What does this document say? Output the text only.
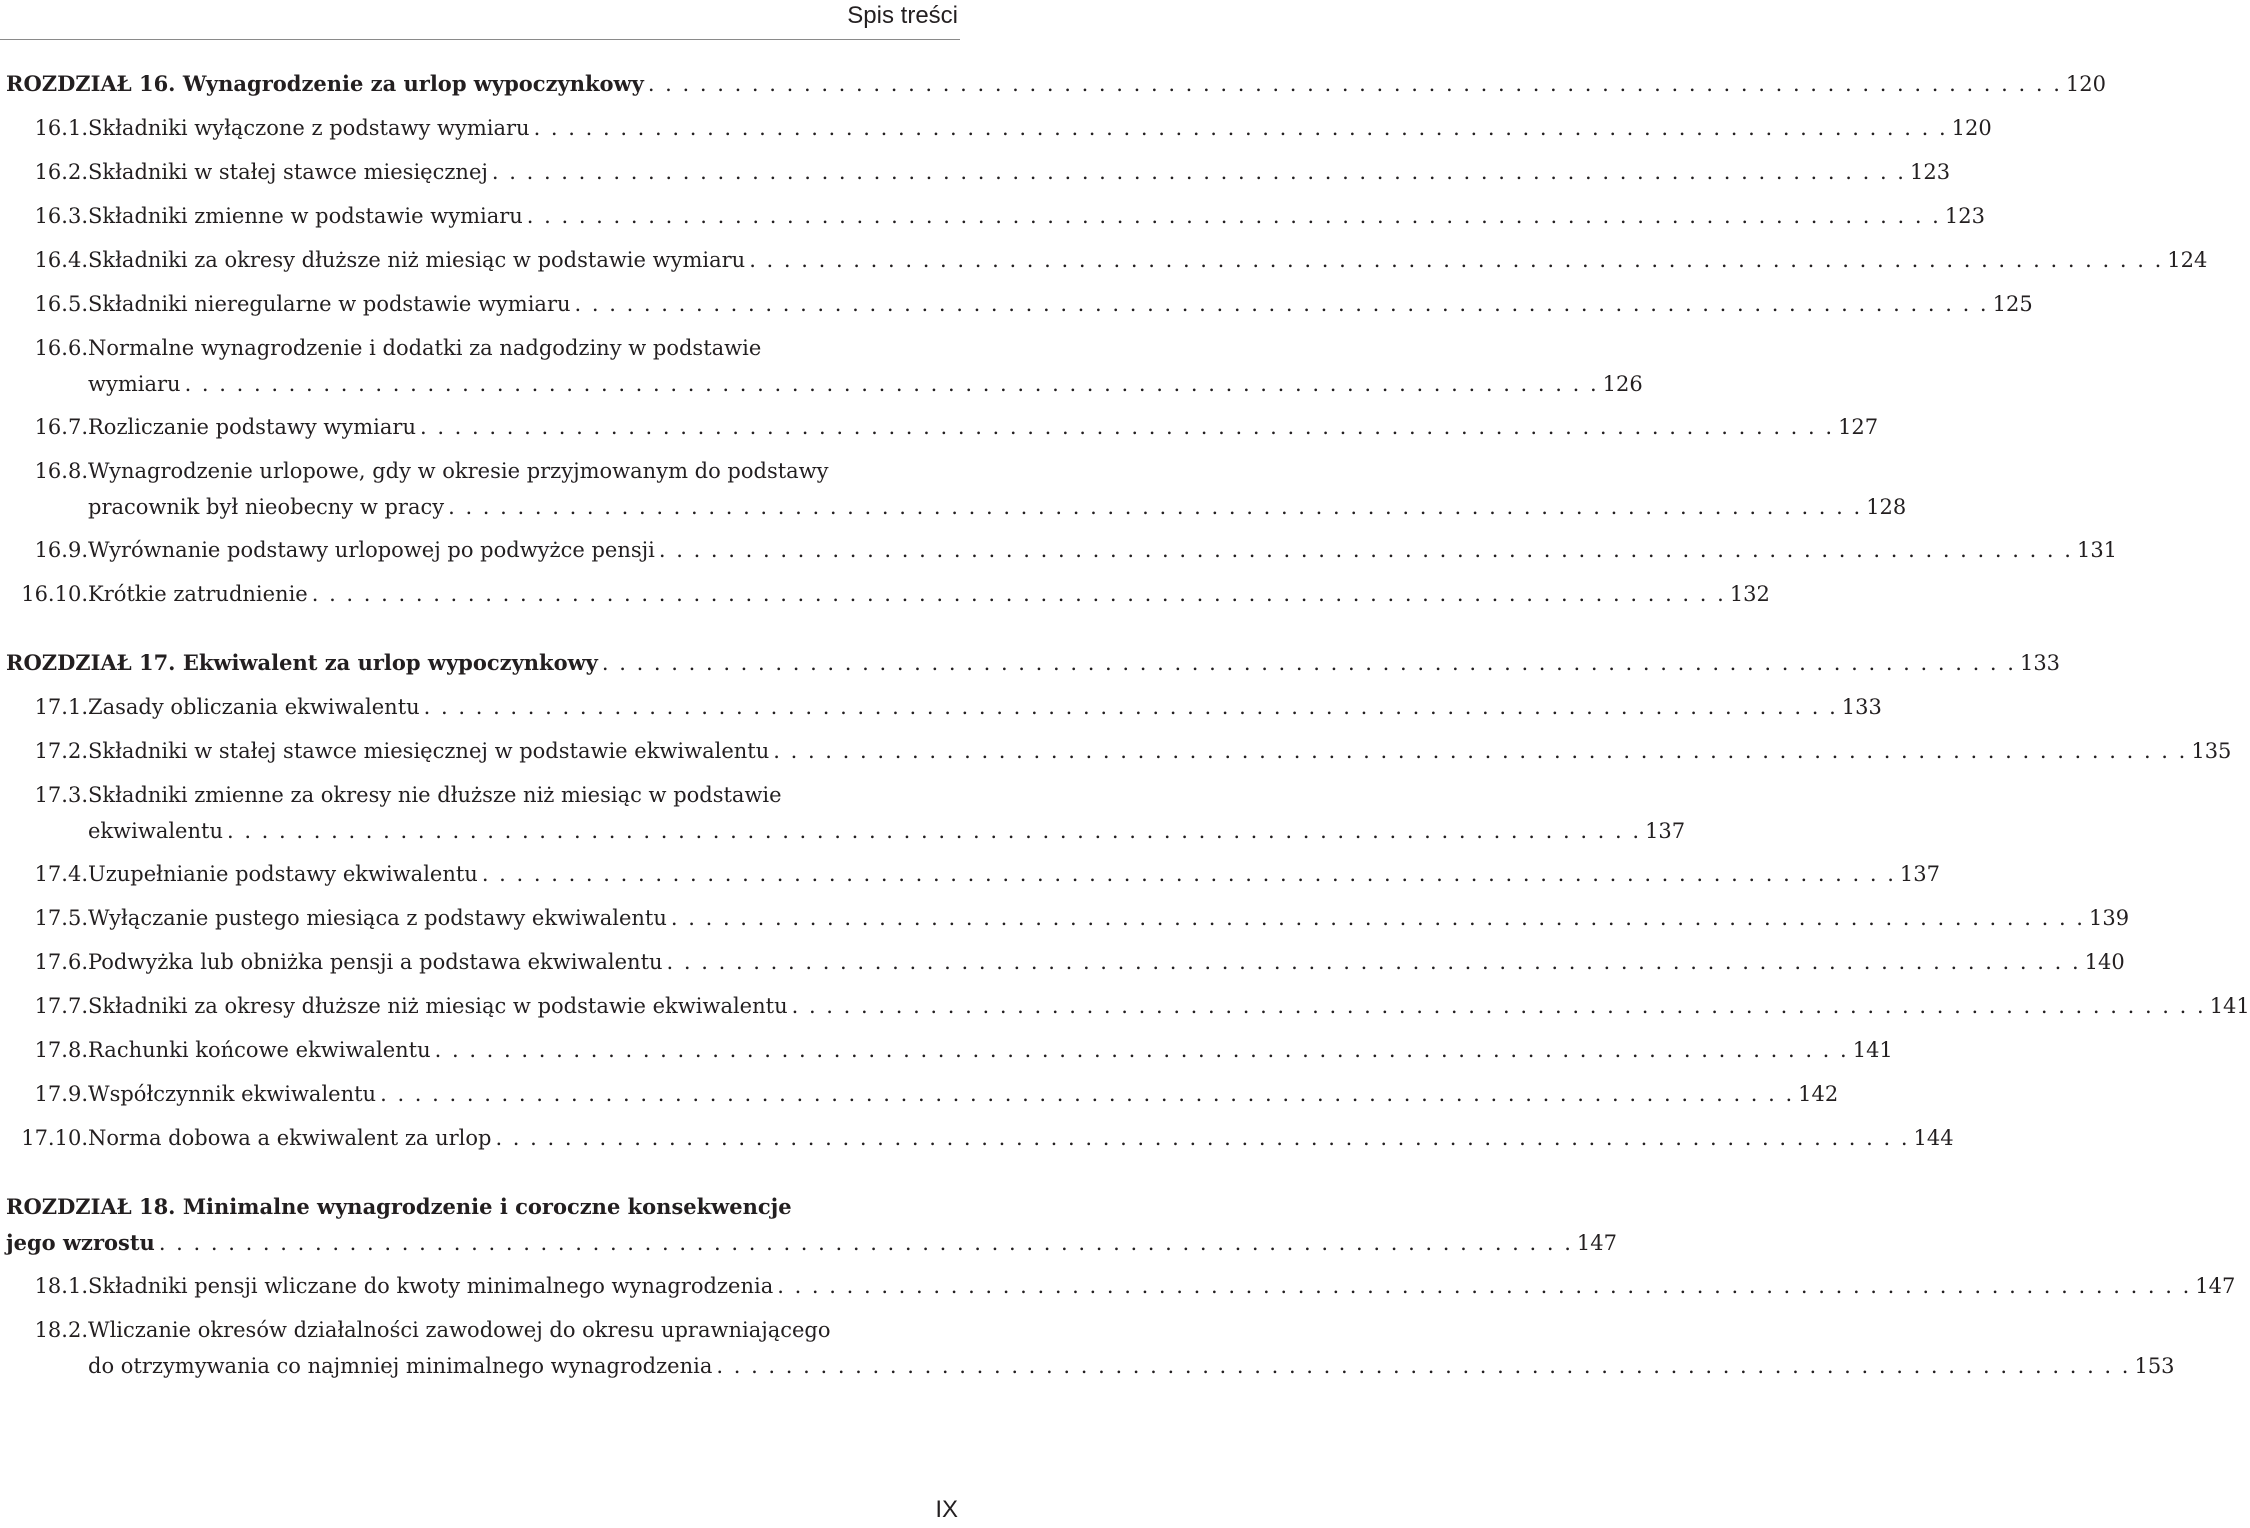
Spis treści
ROZDZIAŁ 16. Wynagrodzenie za urlop wypoczynkowy . . . . . . . . . . . . . . . . . . . . . . . . . . . . . . . . . . . . . . . . . . . . . . . . . . . . . . . . . . . . . . . . . . . . . . . . . . . . . . . . . . 120
16.1. Składniki wyłączone z podstawy wymiaru . . . . . . . . . . . . . . . . . . . . . . . . . . . . . . . . . . . . . . . . . . . . . . . . . . . . . . . . . . . . . . . . . . . . . . . . . . . . . . . . . . 120
16.2. Składniki w stałej stawce miesięcznej . . . . . . . . . . . . . . . . . . . . . . . . . . . . . . . . . . . . . . . . . . . . . . . . . . . . . . . . . . . . . . . . . . . . . . . . . . . . . . . . . . 123
16.3. Składniki zmienne w podstawie wymiaru . . . . . . . . . . . . . . . . . . . . . . . . . . . . . . . . . . . . . . . . . . . . . . . . . . . . . . . . . . . . . . . . . . . . . . . . . . . . . . . . . . 123
16.4. Składniki za okresy dłuższe niż miesiąc w podstawie wymiaru . . . . . . . . . . . . . . . . . . . . . . . . . . . . . . . . . . . . . . . . . . . . . . . . . . . . . . . . . . . . . . . . . . . . . . . . . . . . . . . . . . 124
16.5. Składniki nieregularne w podstawie wymiaru . . . . . . . . . . . . . . . . . . . . . . . . . . . . . . . . . . . . . . . . . . . . . . . . . . . . . . . . . . . . . . . . . . . . . . . . . . . . . . . . . . 125
16.6. Normalne wynagrodzenie i dodatki za nadgodziny w podstawie
wymiaru . . . . . . . . . . . . . . . . . . . . . . . . . . . . . . . . . . . . . . . . . . . . . . . . . . . . . . . . . . . . . . . . . . . . . . . . . . . . . . . . . . 126
16.7. Rozliczanie podstawy wymiaru . . . . . . . . . . . . . . . . . . . . . . . . . . . . . . . . . . . . . . . . . . . . . . . . . . . . . . . . . . . . . . . . . . . . . . . . . . . . . . . . . . 127
16.8. Wynagrodzenie urlopowe, gdy w okresie przyjmowanym do podstawy
pracownik był nieobecny w pracy . . . . . . . . . . . . . . . . . . . . . . . . . . . . . . . . . . . . . . . . . . . . . . . . . . . . . . . . . . . . . . . . . . . . . . . . . . . . . . . . . . 128
16.9. Wyrównanie podstawy urlopowej po podwyżce pensji . . . . . . . . . . . . . . . . . . . . . . . . . . . . . . . . . . . . . . . . . . . . . . . . . . . . . . . . . . . . . . . . . . . . . . . . . . . . . . . . . . 131
16.10. Krótkie zatrudnienie . . . . . . . . . . . . . . . . . . . . . . . . . . . . . . . . . . . . . . . . . . . . . . . . . . . . . . . . . . . . . . . . . . . . . . . . . . . . . . . . . . 132
ROZDZIAŁ 17. Ekwiwalent za urlop wypoczynkowy . . . . . . . . . . . . . . . . . . . . . . . . . . . . . . . . . . . . . . . . . . . . . . . . . . . . . . . . . . . . . . . . . . . . . . . . . . . . . . . . . . 133
17.1. Zasady obliczania ekwiwalentu . . . . . . . . . . . . . . . . . . . . . . . . . . . . . . . . . . . . . . . . . . . . . . . . . . . . . . . . . . . . . . . . . . . . . . . . . . . . . . . . . . 133
17.2. Składniki w stałej stawce miesięcznej w podstawie ekwiwalentu . . . . . . . . . . . . . . . . . . . . . . . . . . . . . . . . . . . . . . . . . . . . . . . . . . . . . . . . . . . . . . . . . . . . . . . . . . . . . . . . . . 135
17.3. Składniki zmienne za okresy nie dłuższe niż miesiąc w podstawie
ekwiwalentu . . . . . . . . . . . . . . . . . . . . . . . . . . . . . . . . . . . . . . . . . . . . . . . . . . . . . . . . . . . . . . . . . . . . . . . . . . . . . . . . . . 137
17.4. Uzupełnianie podstawy ekwiwalentu . . . . . . . . . . . . . . . . . . . . . . . . . . . . . . . . . . . . . . . . . . . . . . . . . . . . . . . . . . . . . . . . . . . . . . . . . . . . . . . . . . 137
17.5. Wyłączanie pustego miesiąca z podstawy ekwiwalentu . . . . . . . . . . . . . . . . . . . . . . . . . . . . . . . . . . . . . . . . . . . . . . . . . . . . . . . . . . . . . . . . . . . . . . . . . . . . . . . . . . 139
17.6. Podwyżka lub obniżka pensji a podstawa ekwiwalentu . . . . . . . . . . . . . . . . . . . . . . . . . . . . . . . . . . . . . . . . . . . . . . . . . . . . . . . . . . . . . . . . . . . . . . . . . . . . . . . . . . 140
17.7. Składniki za okresy dłuższe niż miesiąc w podstawie ekwiwalentu . . . . . . . . . . . . . . . . . . . . . . . . . . . . . . . . . . . . . . . . . . . . . . . . . . . . . . . . . . . . . . . . . . . . . . . . . . . . . . . . . . 141
17.8. Rachunki końcowe ekwiwalentu . . . . . . . . . . . . . . . . . . . . . . . . . . . . . . . . . . . . . . . . . . . . . . . . . . . . . . . . . . . . . . . . . . . . . . . . . . . . . . . . . . 141
17.9. Współczynnik ekwiwalentu . . . . . . . . . . . . . . . . . . . . . . . . . . . . . . . . . . . . . . . . . . . . . . . . . . . . . . . . . . . . . . . . . . . . . . . . . . . . . . . . . . 142
17.10. Norma dobowa a ekwiwalent za urlop . . . . . . . . . . . . . . . . . . . . . . . . . . . . . . . . . . . . . . . . . . . . . . . . . . . . . . . . . . . . . . . . . . . . . . . . . . . . . . . . . . 144
ROZDZIAŁ 18. Minimalne wynagrodzenie i coroczne konsekwencje
jego wzrostu . . . . . . . . . . . . . . . . . . . . . . . . . . . . . . . . . . . . . . . . . . . . . . . . . . . . . . . . . . . . . . . . . . . . . . . . . . . . . . . . . . 147
18.1. Składniki pensji wliczane do kwoty minimalnego wynagrodzenia . . . . . . . . . . . . . . . . . . . . . . . . . . . . . . . . . . . . . . . . . . . . . . . . . . . . . . . . . . . . . . . . . . . . . . . . . . . . . . . . . . 147
18.2. Wliczanie okresów działalności zawodowej do okresu uprawniającego
do otrzymywania co najmniej minimalnego wynagrodzenia . . . . . . . . . . . . . . . . . . . . . . . . . . . . . . . . . . . . . . . . . . . . . . . . . . . . . . . . . . . . . . . . . . . . . . . . . . . . . . . . . . 153
IX
